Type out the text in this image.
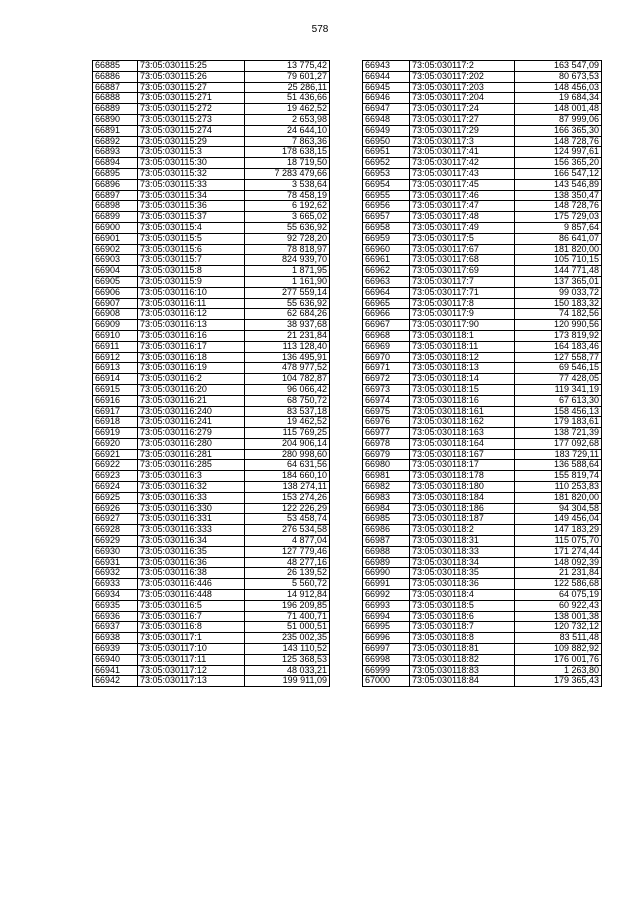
578
66885	73:05:030115:25	13 775,42
66886	73:05:030115:26	79 601,27
66887	73:05:030115:27	25 286,11
66888	73:05:030115:271	51 436,66
66889	73:05:030115:272	19 462,52
66890	73:05:030115:273	2 653,98
66891	73:05:030115:274	24 644,10
66892	73:05:030115:29	7 863,36
66893	73:05:030115:3	178 638,15
66894	73:05:030115:30	18 719,50
66895	73:05:030115:32	7 283 479,66
66896	73:05:030115:33	3 538,64
66897	73:05:030115:34	78 458,19
66898	73:05:030115:36	6 192,62
66899	73:05:030115:37	3 665,02
66900	73:05:030115:4	55 636,92
66901	73:05:030115:5	92 728,20
66902	73:05:030115:6	78 818,97
66903	73:05:030115:7	824 939,70
66904	73:05:030115:8	1 871,95
66905	73:05:030115:9	1 161,90
66906	73:05:030116:10	277 559,14
66907	73:05:030116:11	55 636,92
66908	73:05:030116:12	62 684,26
66909	73:05:030116:13	38 937,68
66910	73:05:030116:16	21 231,84
66911	73:05:030116:17	113 128,40
66912	73:05:030116:18	136 495,91
66913	73:05:030116:19	478 977,52
66914	73:05:030116:2	104 782,87
66915	73:05:030116:20	96 066,42
66916	73:05:030116:21	68 750,72
66917	73:05:030116:240	83 537,18
66918	73:05:030116:241	19 462,52
66919	73:05:030116:279	115 769,25
66920	73:05:030116:280	204 906,14
66921	73:05:030116:281	280 998,60
66922	73:05:030116:285	64 631,56
66923	73:05:030116:3	184 660,10
66924	73:05:030116:32	138 274,11
66925	73:05:030116:33	153 274,26
66926	73:05:030116:330	122 226,29
66927	73:05:030116:331	53 458,74
66928	73:05:030116:333	276 534,58
66929	73:05:030116:34	4 877,04
66930	73:05:030116:35	127 779,46
66931	73:05:030116:36	48 277,16
66932	73:05:030116:38	26 139,52
66933	73:05:030116:446	5 560,72
66934	73:05:030116:448	14 912,84
66935	73:05:030116:5	196 209,85
66936	73:05:030116:7	71 400,71
66937	73:05:030116:8	51 000,51
66938	73:05:030117:1	235 002,35
66939	73:05:030117:10	143 110,52
66940	73:05:030117:11	125 368,53
66941	73:05:030117:12	48 033,21
66942	73:05:030117:13	199 911,09
66943	73:05:030117:2	163 547,09
66944	73:05:030117:202	80 673,53
66945	73:05:030117:203	148 456,03
66946	73:05:030117:204	19 684,34
66947	73:05:030117:24	148 001,48
66948	73:05:030117:27	87 999,06
66949	73:05:030117:29	166 365,30
66950	73:05:030117:3	148 728,76
66951	73:05:030117:41	124 997,61
66952	73:05:030117:42	156 365,20
66953	73:05:030117:43	166 547,12
66954	73:05:030117:45	143 546,89
66955	73:05:030117:46	138 350,47
66956	73:05:030117:47	148 728,76
66957	73:05:030117:48	175 729,03
66958	73:05:030117:49	9 857,64
66959	73:05:030117:5	86 641,07
66960	73:05:030117:67	181 820,00
66961	73:05:030117:68	105 710,15
66962	73:05:030117:69	144 771,48
66963	73:05:030117:7	137 365,01
66964	73:05:030117:71	99 033,72
66965	73:05:030117:8	150 183,32
66966	73:05:030117:9	74 182,56
66967	73:05:030117:90	120 990,56
66968	73:05:030118:1	173 819,92
66969	73:05:030118:11	164 183,46
66970	73:05:030118:12	127 558,77
66971	73:05:030118:13	69 546,15
66972	73:05:030118:14	77 428,05
66973	73:05:030118:15	119 341,19
66974	73:05:030118:16	67 613,30
66975	73:05:030118:161	158 456,13
66976	73:05:030118:162	179 183,61
66977	73:05:030118:163	138 721,39
66978	73:05:030118:164	177 092,68
66979	73:05:030118:167	183 729,11
66980	73:05:030118:17	136 588,64
66981	73:05:030118:178	155 819,74
66982	73:05:030118:180	110 253,83
66983	73:05:030118:184	181 820,00
66984	73:05:030118:186	94 304,58
66985	73:05:030118:187	149 456,04
66986	73:05:030118:2	147 183,29
66987	73:05:030118:31	115 075,70
66988	73:05:030118:33	171 274,44
66989	73:05:030118:34	148 092,39
66990	73:05:030118:35	21 231,84
66991	73:05:030118:36	122 586,68
66992	73:05:030118:4	64 075,19
66993	73:05:030118:5	60 922,43
66994	73:05:030118:6	138 001,38
66995	73:05:030118:7	120 732,12
66996	73:05:030118:8	83 511,48
66997	73:05:030118:81	109 882,92
66998	73:05:030118:82	176 001,76
66999	73:05:030118:83	1 263,80
67000	73:05:030118:84	179 365,43
